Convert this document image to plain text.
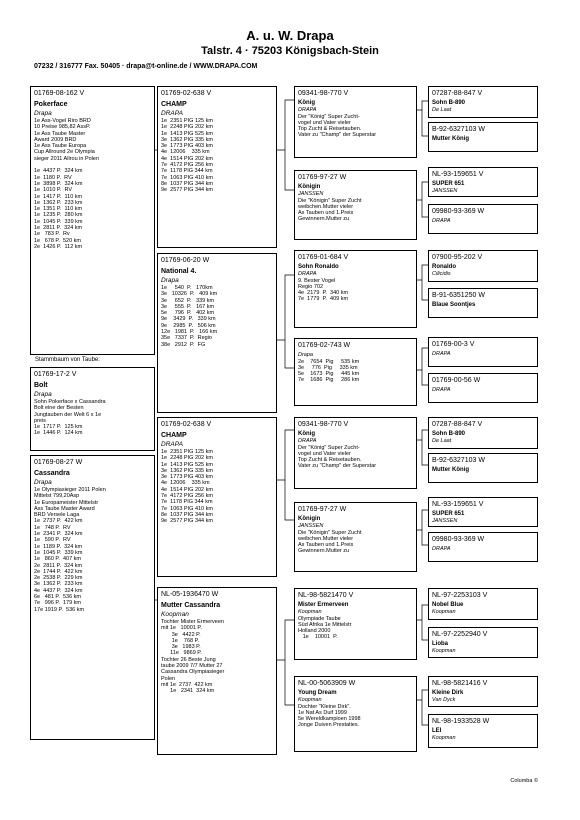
A. u. W. Drapa
Talstr. 4 · 75203 Königsbach-Stein
07232 / 316777 Fax. 50405 · drapa@t-online.de / WWW.DRAPA.COM
01769-08-162 V
Pokerface
Drapa
1e Ass-Vogel Riro BRD
10 Preise 985,82 AssP.
1e Ass Taube Master
Award 2009 BRD
1e Ass Taube Europa
Cup Allround 2e Olympia
sieger 2011 Allrou in Polen

1e  4437 P.  324 km
1e  1180 P.  RV
1e  3898 P.  324 km
1e  1010 P.  RV
1e  1417 P.  110 km
1e  1362 P.  233 km
1e  1351 P.  110 km
1e  1235 P.  280 km
1e  1045 P.  339 km
1e  2811 P.  324 km
1e   783 P.  Rv
1e   678 P.  520 km
2e  1426 P.  112 km
Stammbaum von Taube:
01769-17-2 V
Bolt
Drapa
Sohn Pokerface x Cassandra
Bolt eine der Besten
Jungtauben der Welt 6 x 1e
preis
1e  1717 P.  125 km
1e  1446 P.  124 km
01769-08-27 W
Cassandra
Drapa
1e Olympiasieger 2011 Polen
Mittelst 799,20Asp
1e Europameister Mittelstr
Ass Taube Master Award
BRD Versele Laga
1e  2737 P.  422 km
1e   748 P.  RV
1e  2341 P.  324 km
1e   590 P.  RV
1e  1189 P.  324 km
1e  1045 P.  339 km
1e   860 P.  407 km
2e  2811 P.  324 km
2e  1744 P.  422 km
2e  2538 P.  229 km
3e  1362 P.  233 km
4e  4437 P.  324 km
6e   481 P.  536 km
7e   996 P.  179 km
17e 1919 P.  536 km
01769-02-638 V
CHAMP
DRAPA
1e  2351 PIG 125 km
1e  2248 PIG 202 km
1e  1413 PIG 525 km
3e  1362 PIG 335 km
3e  1773 PIG 403 km
4e  12006    335 km
4e  1514 PIG 202 km
7e  4172 PIG 256 km
7e  1178 PIG 344 km
7e  1063 PIG 410 km
8e  1037 PIG 344 km
9e  2577 PIG 344 km
01769-06-20 W
National 4.
Drapa
1e     540  P.   170km
3e   10326  P.   409 km
3e     652  P.   339 km
3e     555  P.   167 km
5e     796  P.   402 km
9e    3429  P.   339 km
9e    2985  P.   506 km
12e   1981  P.   166 km
35e   7337  P.  Regio
38e   2912  P.  FG
01769-02-638 V
CHAMP
DRAPA
1e  2351 PIG 125 km
1e  2248 PIG 202 km
1e  1413 PIG 525 km
3e  1362 PIG 335 km
3e  1773 PIG 403 km
4e  12006    335 km
4e  1514 PIG 202 km
7e  4172 PIG 256 km
7e  1178 PIG 344 km
7e  1063 PIG 410 km
8e  1037 PIG 344 km
9e  2577 PIG 344 km
NL-05-1936470 W
Mutter Cassandra
Koopman
Tochter Mister Ermerveen
mit 1e   10001 P.
3e   4422 P.
1e    768 P.
3e   1983 P.
11e   9869 P.
Tochter 26 Beste Jung
taube 2009 7/7 Mutter 27
Cassandra Olympiasieger
Polen
mit 1e  2737  422 km
1e   2341  324 km
09341-98-770 V
König
DRAPA
Der "König" Super Zucht-
vogel und Vater vieler
Top Zucht & Reisetauben.
Vater zu "Champ" der Superstar
01769-97-27 W
Königin
JANSSEN
Die "Königin" Super Zucht
weibchen.Mutter vieler
As Tauben und 1.Preis
Gewinnern.Mutter zu
01769-01-684 V
Sohn Ronaldo
DRAPA
9. Bester Vogel
Regio 702
4e  2179  P.  340 km
7e  1779  P.  409 km
01769-02-743 W
Drapa
2e    7654  Pig     535 km
3e     776  Pig     335 km
5e    1673  Pig     445 km
7e    1686  Pig     286 km
09341-98-770 V
König
DRAPA
Der "König" Super Zucht-
vogel und Vater vieler
Top Zucht & Reisetauben.
Vater zu "Champ" der Superstar
01769-97-27 W
Königin
JANSSEN
Die "Königin" Super Zucht
weibchen.Mutter vieler
As Tauben und 1.Preis
Gewinnern.Mutter zu
NL-98-5821470 V
Mister Ermerveen
Koopman
Olympiade Taube
Süd Afrika 1e Mittelstr
Holland 2000
1e    10001  P.
NL-00-5063909 W
Young Dream
Koopman
Dochter "Kleine Dirk".
1e Nat As Duif 1999
5e Wereldkampioen 1998
Jonge Duiven Prestaties.
07287-88-847 V
Sohn B-890
De Laat
B-92-6327103 W
Mutter König
NL-93-159651 V
SUPER 651
JANSSEN
09980-93-369 W
DRAPA
07900-95-202 V
Ronaldo
Cilicidis
B-91-6351250 W
Blaue Soontjes
01769-00-3 V
DRAPA
01769-00-56 W
DRAPA
07287-88-847 V
Sohn B-890
De Laat
B-92-6327103 W
Mutter König
NL-93-159651 V
SUPER 651
JANSSEN
09980-93-369 W
DRAPA
NL-97-2253103 V
Nobel Blue
Koopman
NL-97-2252940 V
Lioba
Koopman
NL-98-5821416 V
Kleine Dirk
Van Dyck
NL-98-1933528 W
LEI
Koopman
Columba ©
